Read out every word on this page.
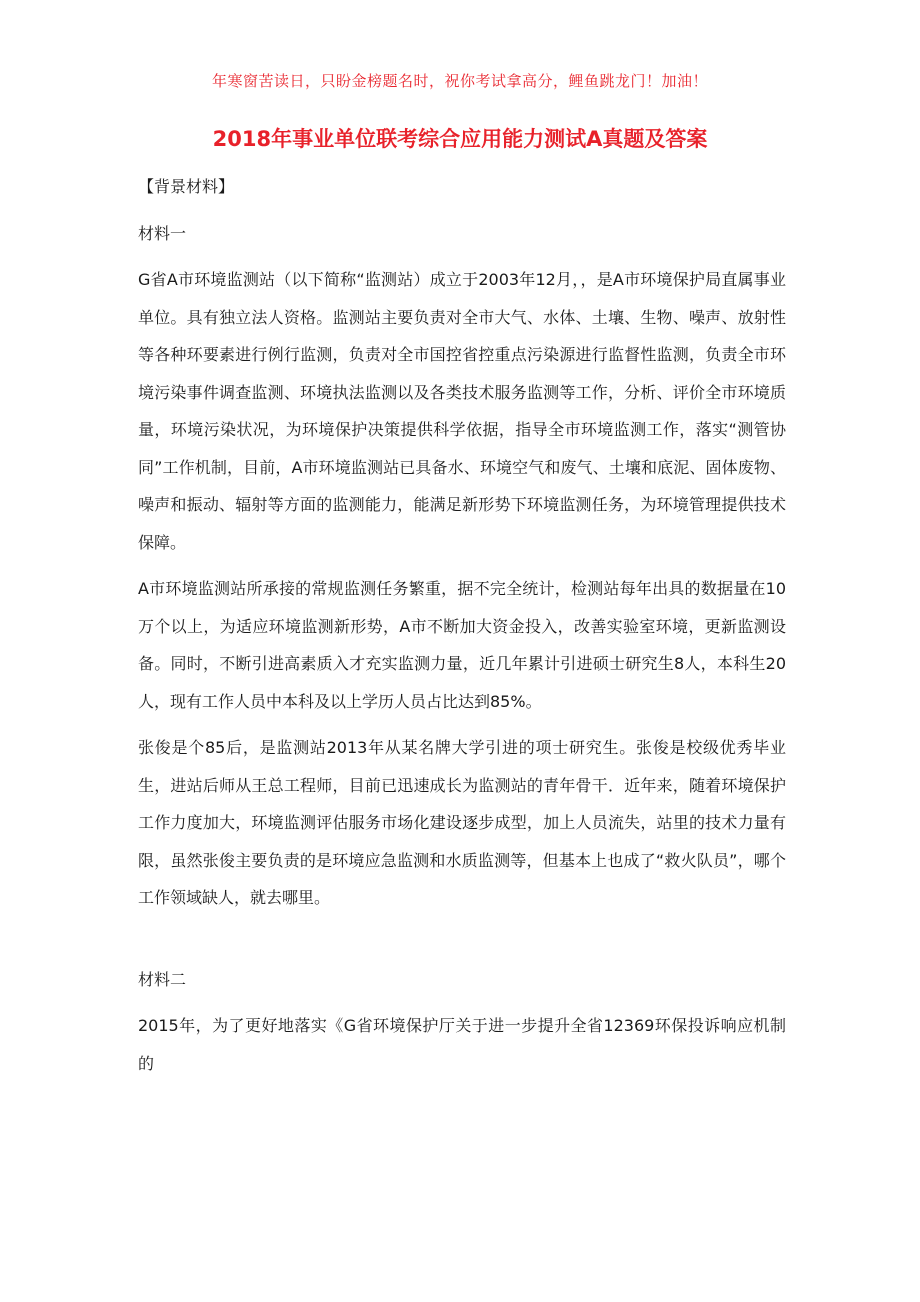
年寒窗苦读日，只盼金榜题名时，祝你考试拿高分，鲤鱼跳龙门！加油！
2018年事业单位联考综合应用能力测试A真题及答案

【背景材料】

材料一

G省A市环境监测站（以下简称“监测站）成立于2003年12月，，是A市环境保护局直属事业单位。具有独立法人资格。监测站主要负责对全市大气、水体、土壤、生物、噪声、放射性等各种环要素进行例行监测，负责对全市国控省控重点污染源进行监督性监测，负责全市环境污染事件调查监测、环境执法监测以及各类技术服务监测等工作，分析、评价全市环境质量，环境污染状况，为环境保护决策提供科学依据，指导全市环境监测工作，落实“测管协同”工作机制，目前，A市环境监测站已具备水、环境空气和废气、土壤和底泥、固体废物、噪声和振动、辐射等方面的监测能力，能满足新形势下环境监测任务，为环境管理提供技术保障。

A市环境监测站所承接的常规监测任务繁重，据不完全统计，检测站每年出具的数据量在10万个以上，为适应环境监测新形势，A市不断加大资金投入，改善实验室环境，更新监测设备。同时，不断引进高素质入才充实监测力量，近几年累计引进硕士研究生8人，本科生20人，现有工作人员中本科及以上学历人员占比达到85%。

张俊是个85后，是监测站2013年从某名牌大学引进的项士研究生。张俊是校级优秀毕业生，进站后师从王总工程师，目前已迅速成长为监测站的青年骨干．近年来，随着环境保护工作力度加大，环境监测评估服务市场化建设逐步成型，加上人员流失，站里的技术力量有限，虽然张俊主要负责的是环境应急监测和水质监测等，但基本上也成了“救火队员”，哪个工作领域缺人，就去哪里。

材料二

2015年，为了更好地落实《G省环境保护厅关于进一步提升全省12369环保投诉响应机制的
